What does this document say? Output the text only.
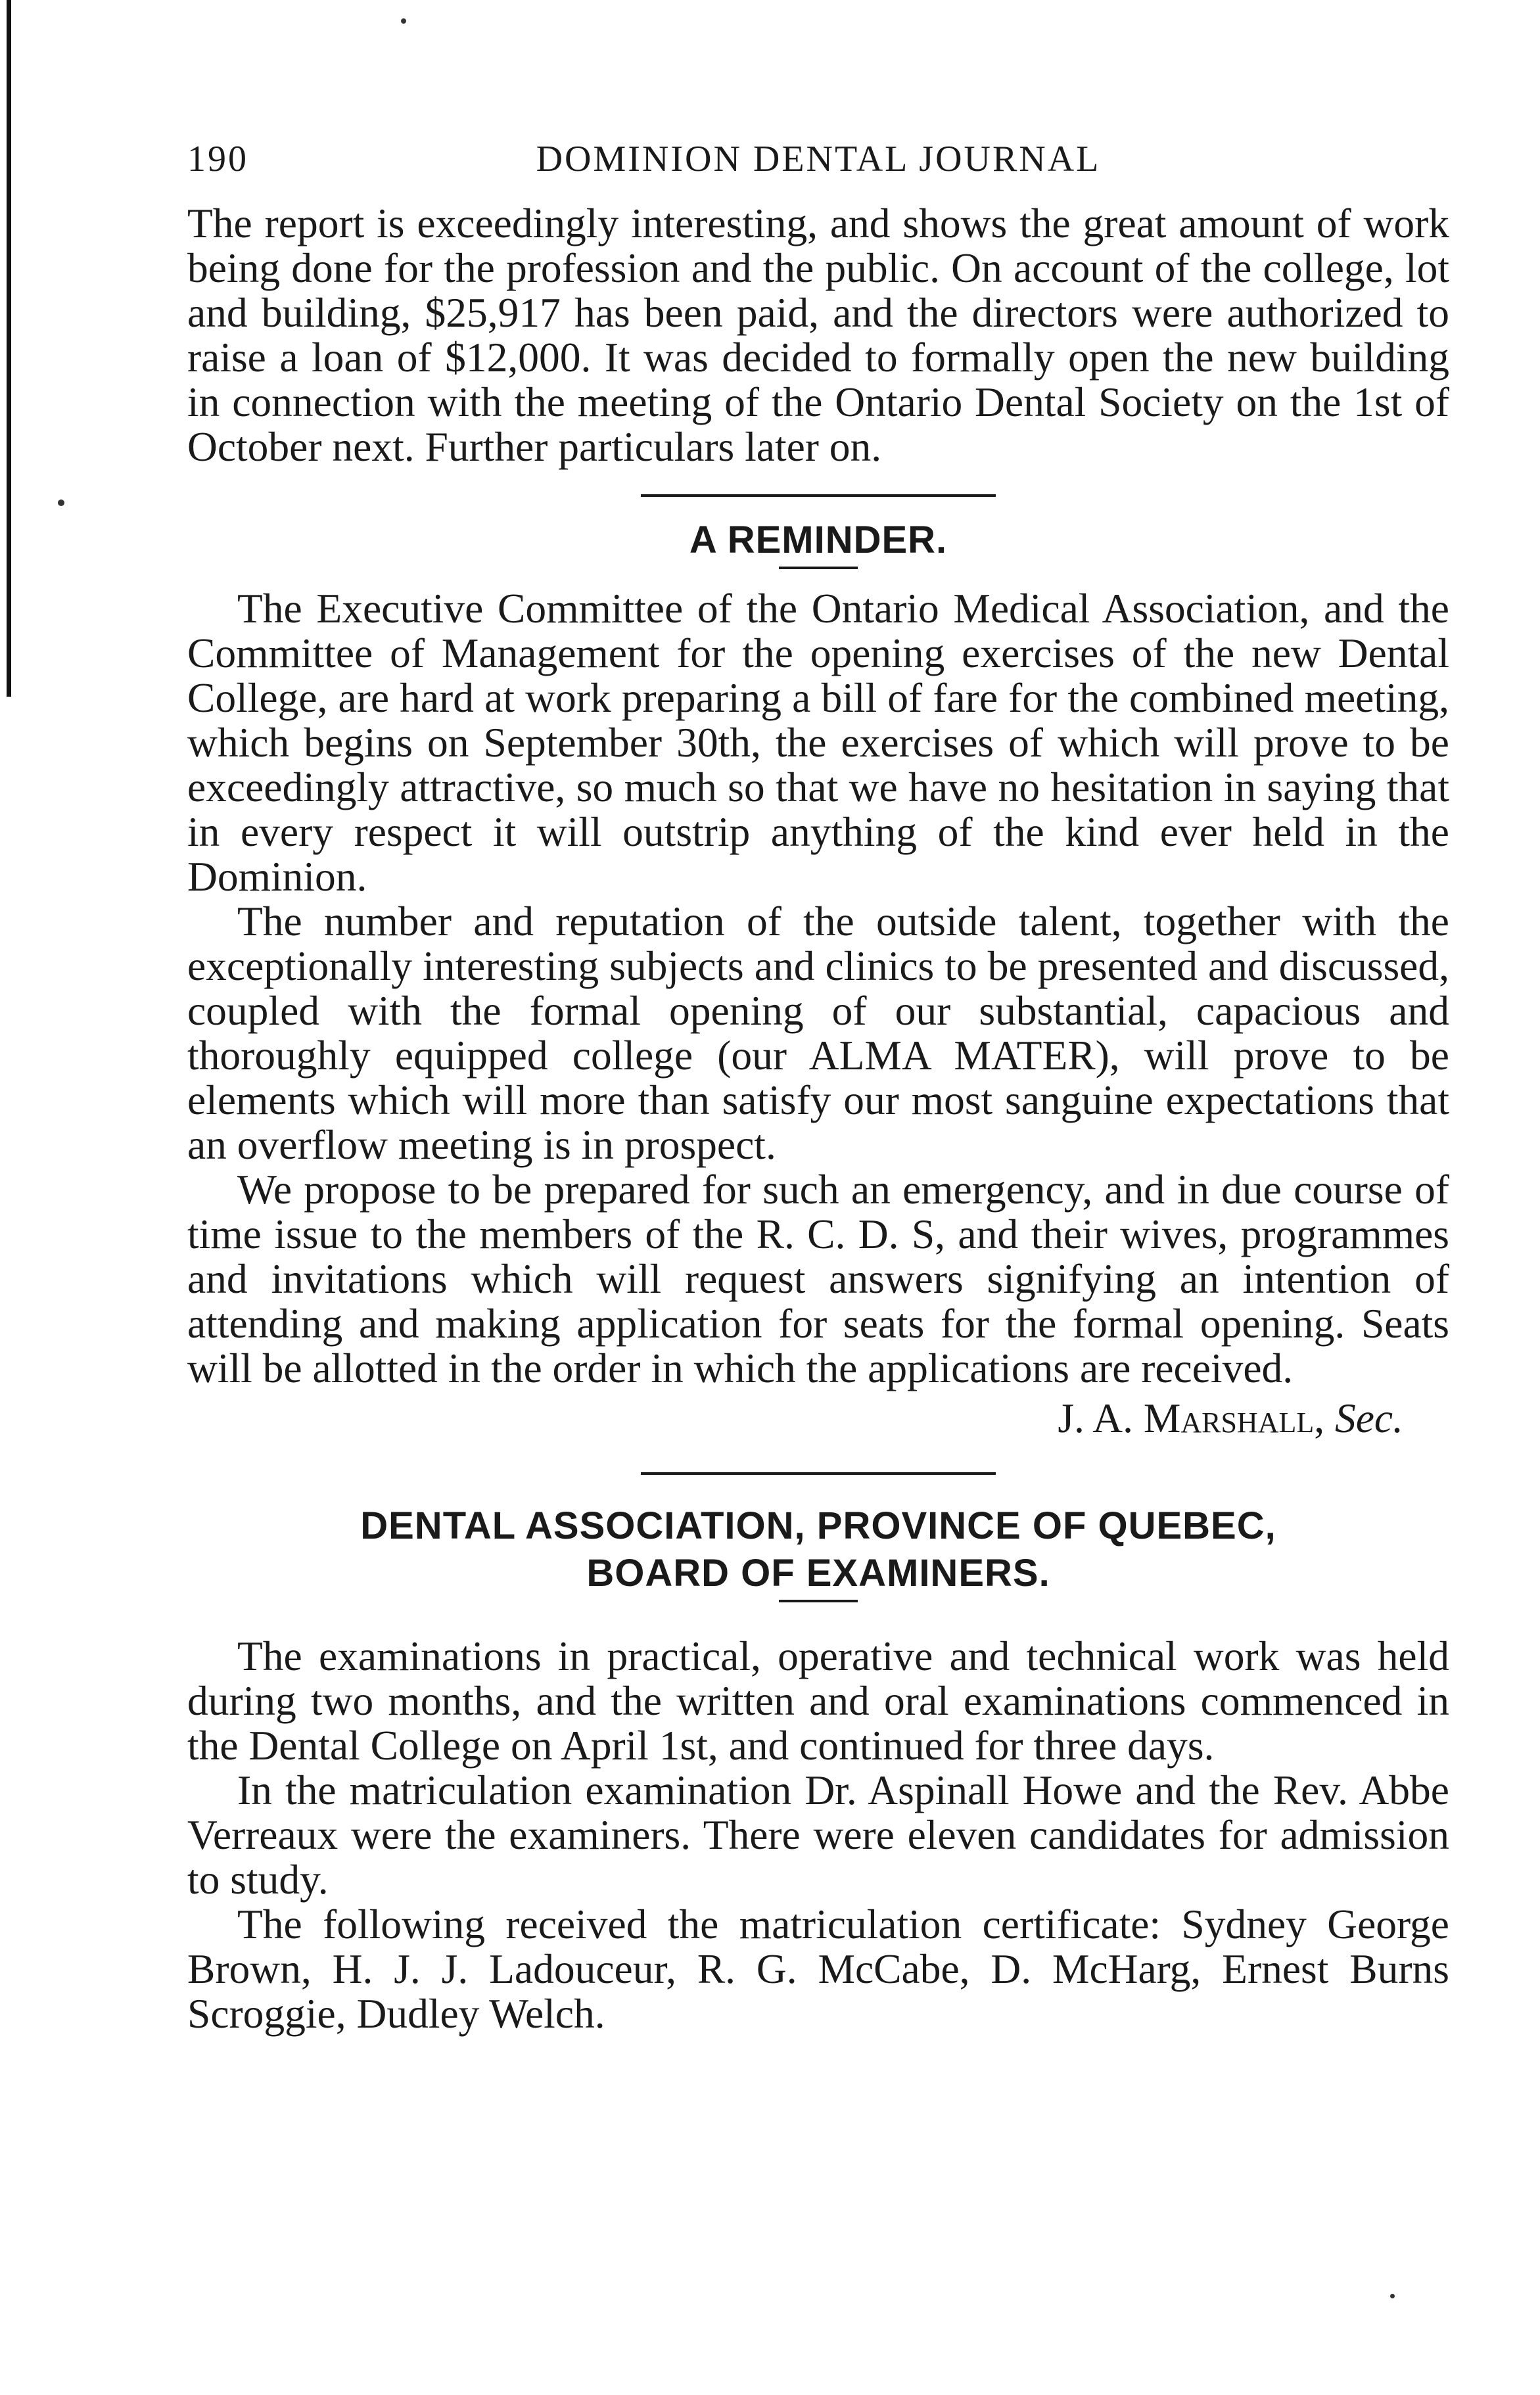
190	DOMINION DENTAL JOURNAL

The report is exceedingly interesting, and shows the great amount of work being done for the profession and the public. On account of the college, lot and building, $25,917 has been paid, and the directors were authorized to raise a loan of $12,000. It was decided to formally open the new building in connection with the meeting of the Ontario Dental Society on the 1st of October next. Further particulars later on.

A REMINDER.

The Executive Committee of the Ontario Medical Association, and the Committee of Management for the opening exercises of the new Dental College, are hard at work preparing a bill of fare for the combined meeting, which begins on September 30th, the exercises of which will prove to be exceedingly attractive, so much so that we have no hesitation in saying that in every respect it will outstrip anything of the kind ever held in the Dominion.

The number and reputation of the outside talent, together with the exceptionally interesting subjects and clinics to be presented and discussed, coupled with the formal opening of our substantial, capacious and thoroughly equipped college (our ALMA MATER), will prove to be elements which will more than satisfy our most sanguine expectations that an overflow meeting is in prospect.

We propose to be prepared for such an emergency, and in due course of time issue to the members of the R. C. D. S, and their wives, programmes and invitations which will request answers signifying an intention of attending and making application for seats for the formal opening. Seats will be allotted in the order in which the applications are received.

J. A. Marshall, Sec.
DENTAL ASSOCIATION, PROVINCE OF QUEBEC,
BOARD OF EXAMINERS.

The examinations in practical, operative and technical work was held during two months, and the written and oral examinations commenced in the Dental College on April 1st, and continued for three days.

In the matriculation examination Dr. Aspinall Howe and the Rev. Abbe Verreaux were the examiners. There were eleven candidates for admission to study.

The following received the matriculation certificate: Sydney George Brown, H. J. J. Ladouceur, R. G. McCabe, D. McHarg, Ernest Burns Scroggie, Dudley Welch.
